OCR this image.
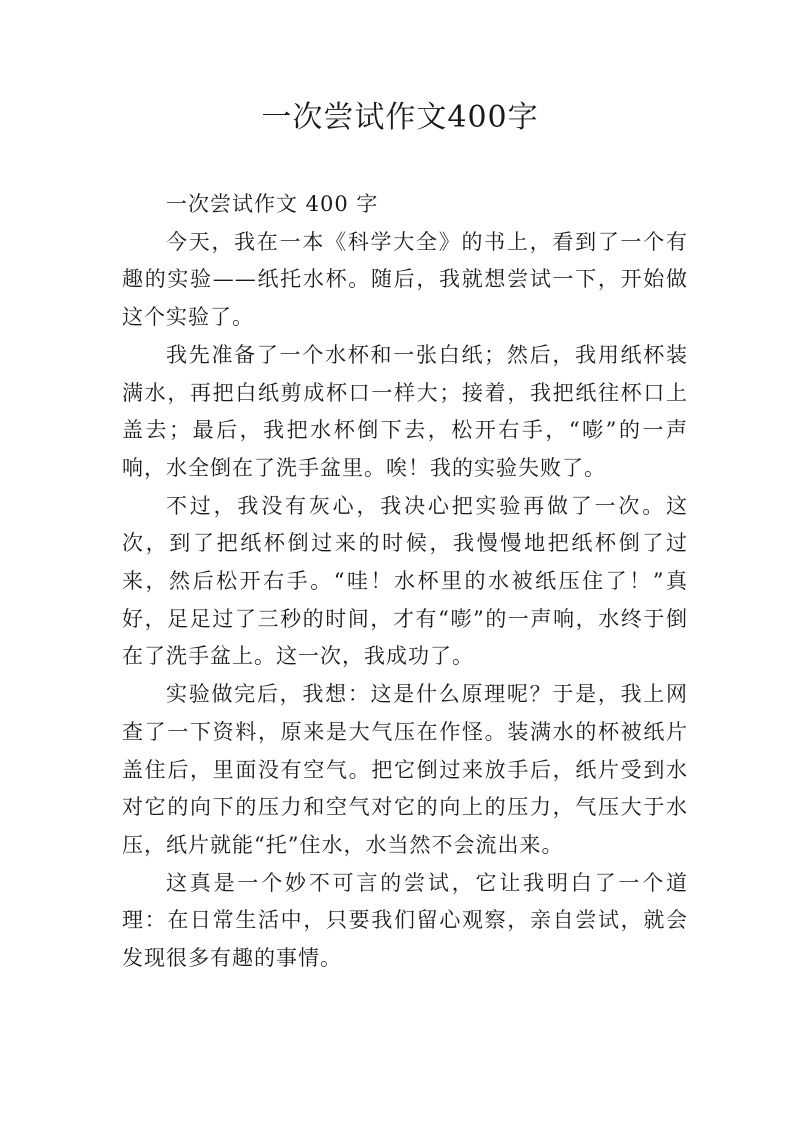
一次尝试作文400字

一次尝试作文 400 字

今天，我在一本《科学大全》的书上，看到了一个有趣的实验——纸托水杯。随后，我就想尝试一下，开始做这个实验了。

我先准备了一个水杯和一张白纸；然后，我用纸杯装满水，再把白纸剪成杯口一样大；接着，我把纸往杯口上盖去；最后，我把水杯倒下去，松开右手，“嘭”的一声响，水全倒在了洗手盆里。唉！我的实验失败了。

不过，我没有灰心，我决心把实验再做了一次。这次，到了把纸杯倒过来的时候，我慢慢地把纸杯倒了过来，然后松开右手。“哇！水杯里的水被纸压住了！”真好，足足过了三秒的时间，才有“嘭”的一声响，水终于倒在了洗手盆上。这一次，我成功了。

实验做完后，我想：这是什么原理呢？于是，我上网查了一下资料，原来是大气压在作怪。装满水的杯被纸片盖住后，里面没有空气。把它倒过来放手后，纸片受到水对它的向下的压力和空气对它的向上的压力，气压大于水压，纸片就能“托”住水，水当然不会流出来。

这真是一个妙不可言的尝试，它让我明白了一个道理：在日常生活中，只要我们留心观察，亲自尝试，就会发现很多有趣的事情。
